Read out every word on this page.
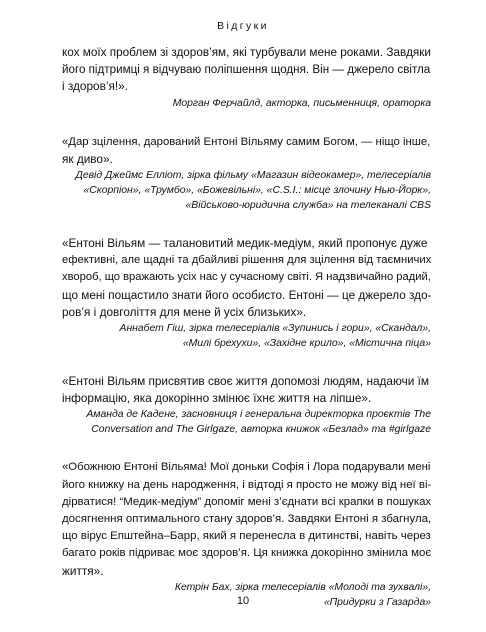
Відгуки

кох моїх проблем зі здоров’ям, які турбували мене роками. Завдяки
його підтримці я відчуваю поліпшення щодня. Він — джерело світла
і здоров’я!».

Морган Ферчайлд, акторка, письменниця, ораторка

«Дар зцілення, дарований Ентоні Вільяму самим Богом, — ніщо інше,
як диво».

Девід Джеймс Елліот, зірка фільму «Магазин відеокамер», телесеріалів
«Скорпіон», «Трумбо», «Божевільні», «C.S.I.: місце злочину Нью-Йорк»,
«Військово-юридична служба» на телеканалі CBS

«Ентоні Вільям — талановитий медик-медіум, який пропонує дуже
ефективні, але щадні та дбайливі рішення для зцілення від таємничих
хвороб, що вражають усіх нас у сучасному світі. Я надзвичайно радий,
що мені пощастило знати його особисто. Ентоні — це джерело здо-
ров’я і довголіття для мене й усіх близьких».

Аннабет Гіш, зірка телесеріалів «Зупинись і гори», «Скандал»,
«Милі брехухи», «Західне крило», «Містична піца»

«Ентоні Вільям присвятив своє життя допомозі людям, надаючи їм
інформацію, яка докорінно змінює їхнє життя на ліпше».

Аманда де Кадене, засновниця і генеральна директорка проєктів The
Conversation and The Girlgaze, авторка книжок «Безлад» та #girlgaze

«Обожнюю Ентоні Вільяма! Мої доньки Софія і Лора подарували мені
його книжку на день народження, і відтоді я просто не можу від неї ві-
дірватися! “Медик-медіум” допоміг мені з’єднати всі крапки в пошуках
досягнення оптимального стану здоров’я. Завдяки Ентоні я збагнула,
що вірус Епштейна–Барр, який я перенесла в дитинстві, навіть через
багато років підриває моє здоров’я. Ця книжка докорінно змінила моє
життя».

Кетрін Бах, зірка телесеріалів «Молоді та зухвалі»,
«Придурки з Газарда»

10
